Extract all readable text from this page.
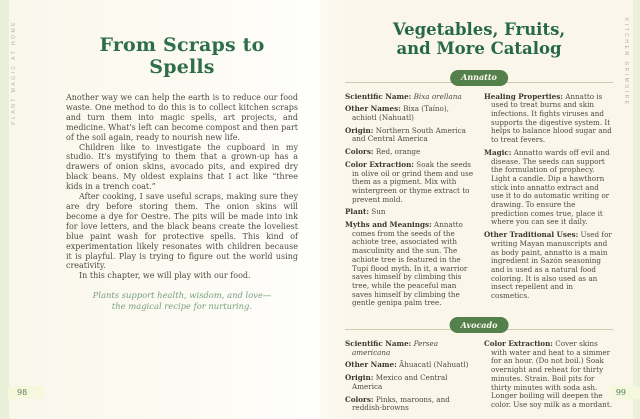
PLANT MAGIC AT HOME	From Scraps to Spells

Another way we can help the earth is to reduce our food waste. One method to do this is to collect kitchen scraps and turn them into magic spells, art projects, and medicine. What's left can become compost and then part of the soil again, ready to nourish new life.

Children like to investigate the cupboard in my studio. It's mystifying to them that a grown-up has a drawers of onion skins, avocado pits, and expired dry black beans. My oldest explains that I act like “three kids in a trench coat.”

After cooking, I save useful scraps, making sure they are dry before storing them. The onion skins will become a dye for Oestre. The pits will be made into ink for love letters, and the black beans create the loveliest blue paint wash for protective spells. This kind of experimentation likely resonates with children because it is playful. Play is trying to figure out the world using creativity.

In this chapter, we will play with our food.

Plants support health, wisdom, and love—
the magical recipe for nurturing.
98
KITCHEN GRIMOIRE
Vegetables, Fruits,
and More Catalog
Annatto

Scientific Name: Bixa orellana

Other Names: Bixa (Taíno), achiotl (Nahuatl)

Origin: Northern South America and Central America

Colors: Red, orange

Color Extraction: Soak the seeds in olive oil or grind them and use them as a pigment. Mix with wintergreen or thyme extract to prevent mold.

Plant: Sun

Myths and Meanings: Annatto comes from the seeds of the achiote tree, associated with masculinity and the sun. The achiote tree is featured in the Tupí flood myth. In it, a warrior saves himself by climbing this tree, while the peaceful man saves himself by climbing the gentle genipa palm tree.

Healing Properties: Annatto is used to treat burns and skin infections. It fights viruses and supports the digestive system. It helps to balance blood sugar and to treat fevers.

Magic: Annatto wards off evil and disease. The seeds can support the formulation of prophecy. Light a candle. Dip a hawthorn stick into annatto extract and use it to do automatic writing or drawing. To ensure the prediction comes true, place it where you can see it daily.

Other Traditional Uses: Used for writing Mayan manuscripts and as body paint, annatto is a main ingredient in Sazón seasoning and is used as a natural food coloring. It is also used as an insect repellent and in cosmetics.

Avocado

Scientific Name: Persea americana

Other Name: Āhuacatl (Nahuatl)

Origin: Mexico and Central America

Colors: Pinks, maroons, and reddish-browns

Color Extraction: Cover skins with water and heat to a simmer for an hour. (Do not boil.) Soak overnight and reheat for thirty minutes. Strain. Boil pits for thirty minutes with soda ash. Longer boiling will deepen the color. Use soy milk as a mordant.

99
